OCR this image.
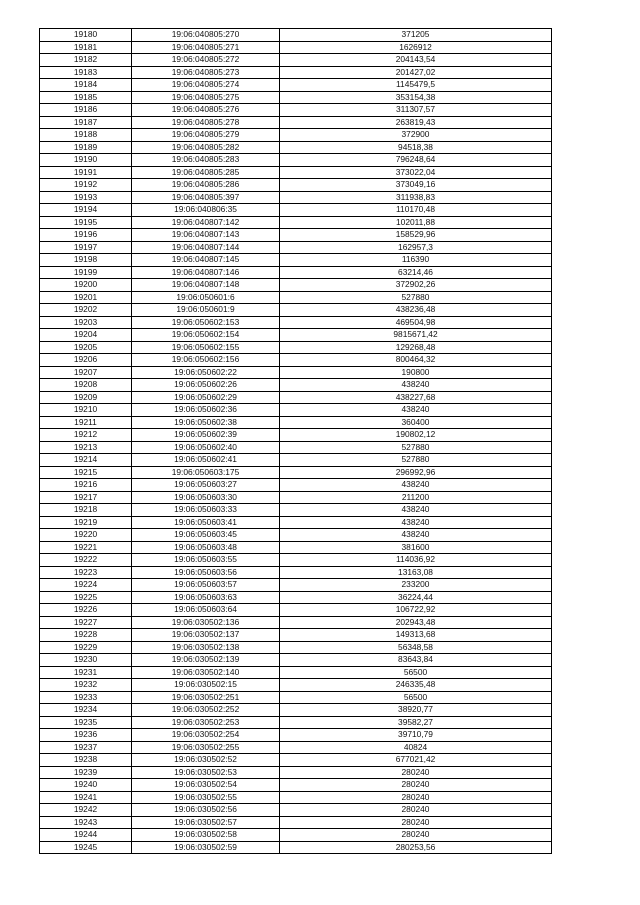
19180	19:06:040805:270	371205
19181	19:06:040805:271	1626912
19182	19:06:040805:272	204143,54
19183	19:06:040805:273	201427,02
19184	19:06:040805:274	1145479,5
19185	19:06:040805:275	353154,38
19186	19:06:040805:276	311307,57
19187	19:06:040805:278	263819,43
19188	19:06:040805:279	372900
19189	19:06:040805:282	94518,38
19190	19:06:040805:283	796248,64
19191	19:06:040805:285	373022,04
19192	19:06:040805:286	373049,16
19193	19:06:040805:397	311938,83
19194	19:06:040806:35	110170,48
19195	19:06:040807:142	102011,88
19196	19:06:040807:143	158529,96
19197	19:06:040807:144	162957,3
19198	19:06:040807:145	116390
19199	19:06:040807:146	63214,46
19200	19:06:040807:148	372902,26
19201	19:06:050601:6	527880
19202	19:06:050601:9	438236,48
19203	19:06:050602:153	469504,98
19204	19:06:050602:154	9815671,42
19205	19:06:050602:155	129268,48
19206	19:06:050602:156	800464,32
19207	19:06:050602:22	190800
19208	19:06:050602:26	438240
19209	19:06:050602:29	438227,68
19210	19:06:050602:36	438240
19211	19:06:050602:38	360400
19212	19:06:050602:39	190802,12
19213	19:06:050602:40	527880
19214	19:06:050602:41	527880
19215	19:06:050603:175	296992,96
19216	19:06:050603:27	438240
19217	19:06:050603:30	211200
19218	19:06:050603:33	438240
19219	19:06:050603:41	438240
19220	19:06:050603:45	438240
19221	19:06:050603:48	381600
19222	19:06:050603:55	114036,92
19223	19:06:050603:56	13163,08
19224	19:06:050603:57	233200
19225	19:06:050603:63	36224,44
19226	19:06:050603:64	106722,92
19227	19:06:030502:136	202943,48
19228	19:06:030502:137	149313,68
19229	19:06:030502:138	56348,58
19230	19:06:030502:139	83643,84
19231	19:06:030502:140	56500
19232	19:06:030502:15	246335,48
19233	19:06:030502:251	56500
19234	19:06:030502:252	38920,77
19235	19:06:030502:253	39582,27
19236	19:06:030502:254	39710,79
19237	19:06:030502:255	40824
19238	19:06:030502:52	677021,42
19239	19:06:030502:53	280240
19240	19:06:030502:54	280240
19241	19:06:030502:55	280240
19242	19:06:030502:56	280240
19243	19:06:030502:57	280240
19244	19:06:030502:58	280240
19245	19:06:030502:59	280253,56
